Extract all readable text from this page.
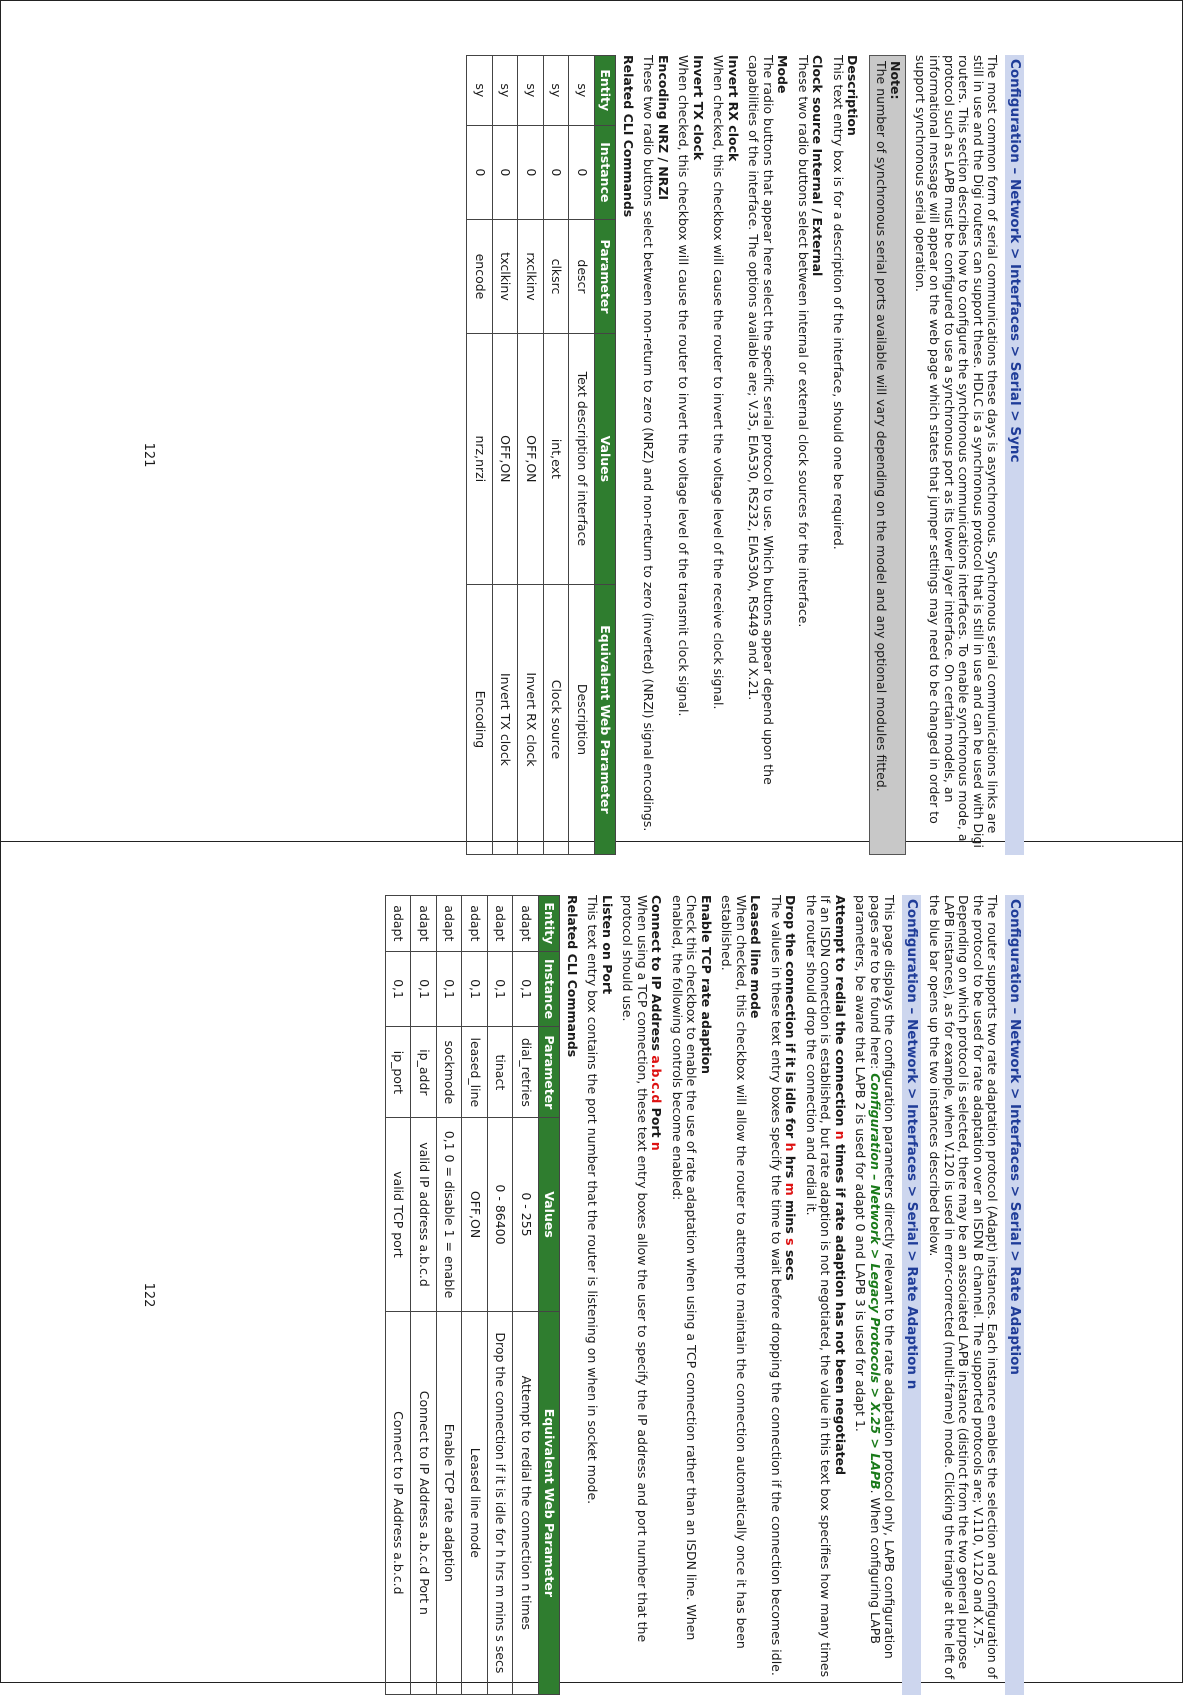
Configuration – Network > Interfaces > Serial > Sync

The most common form of serial communications these days is asynchronous. Synchronous serial communications links are still in use and the Digi routers can support these. HDLC is a synchronous protocol that is still in use and can be used with Digi routers. This section describes how to configure the synchronous communications interfaces. To enable synchronous mode, a protocol such as LAPB must be configured to use a synchronous port as its lower layer interface. On certain models, an informational message will appear on the web page which states that jumper settings may need to be changed in order to support synchronous serial operation.

Note:
The number of synchronous serial ports available will vary depending on the model and any optional modules fitted.
Description
This text entry box is for a description of the interface, should one be required.
Clock source Internal / External
These two radio buttons select between internal or external clock sources for the interface.
Mode
The radio buttons that appear here select the specific serial protocol to use. Which buttons appear depend upon the capabilities of the interface. The options available are; V.35, EIA530, RS232, EIA530A, RS449 and X.21.
Invert RX clock
When checked, this checkbox will cause the router to invert the voltage level of the receive clock signal.
Invert TX clock
When checked, this checkbox will cause the router to invert the voltage level of the transmit clock signal.
Encoding NRZ / NRZI
These two radio buttons select between non-return to zero (NRZ) and non-return to zero (inverted) (NRZI) signal encodings.
Related CLI Commands
Entity	Instance	Parameter	Values	Equivalent Web Parameter
sy	0	descr	Text description of interface	Description
sy	0	clksrc	int,ext	Clock source
sy	0	rxclkinv	OFF,ON	Invert RX clock
sy	0	txclkinv	OFF,ON	Invert TX clock
sy	0	encode	nrz,nrzi	Encoding
121
Configuration – Network > Interfaces > Serial > Rate Adaption

The router supports two rate adaptation protocol (Adapt) instances. Each instance enables the selection and configuration of the protocol to be used for rate adaptation over an ISDN B channel. The supported protocols are; V.110, V.120 and X.75. Depending on which protocol is selected, there may be an associated LAPB instance (distinct from the two general purpose LAPB instances), as for example, when V.120 is used in error-corrected (multi-frame) mode. Clicking the triangle at the left of the blue bar opens up the two instances described below.

Configuration – Network > Interfaces > Serial > Rate Adaption n

This page displays the configuration parameters directly relevant to the rate adaptation protocol only, LAPB configuration pages are to be found here: Configuration – Network > Legacy Protocols > X.25 > LAPB. When configuring LAPB parameters, be aware that LAPB 2 is used for adapt 0 and LAPB 3 is used for adapt 1.

Attempt to redial the connection n times if rate adaption has not been negotiated
If an ISDN connection is established, but rate adaption is not negotiated, the value in this text box specifies how many times the router should drop the connection and redial it.
Drop the connection if it is idle for h hrs m mins s secs
The values in these text entry boxes specify the time to wait before dropping the connection if the connection becomes idle.
Leased line mode
When checked, this checkbox will allow the router to attempt to maintain the connection automatically once it has been established.
Enable TCP rate adaption
Check this checkbox to enable the use of rate adaptation when using a TCP connection rather than an ISDN line. When enabled, the following controls become enabled:
Connect to IP Address a.b.c.d Port n
When using a TCP connection, these text entry boxes allow the user to specify the IP address and port number that the protocol should use.
Listen on Port
This text entry box contains the port number that the router is listening on when in socket mode.
Related CLI Commands
Entity	Instance	Parameter	Values	Equivalent Web Parameter
adapt	0,1	dial_retries	0 - 255	Attempt to redial the connection n times
adapt	0,1	tinact	0 - 86400	Drop the connection if it is idle for h hrs m mins s secs
adapt	0,1	leased_line	OFF,ON	Leased line mode
adapt	0,1	sockmode	0,1 0 = disable 1 = enable	Enable TCP rate adaption
adapt	0,1	ip_addr	valid IP address a.b.c.d	Connect to IP Address a.b.c.d Port n
adapt	0,1	ip_port	valid TCP port	Connect to IP Address a.b.c.d
122
